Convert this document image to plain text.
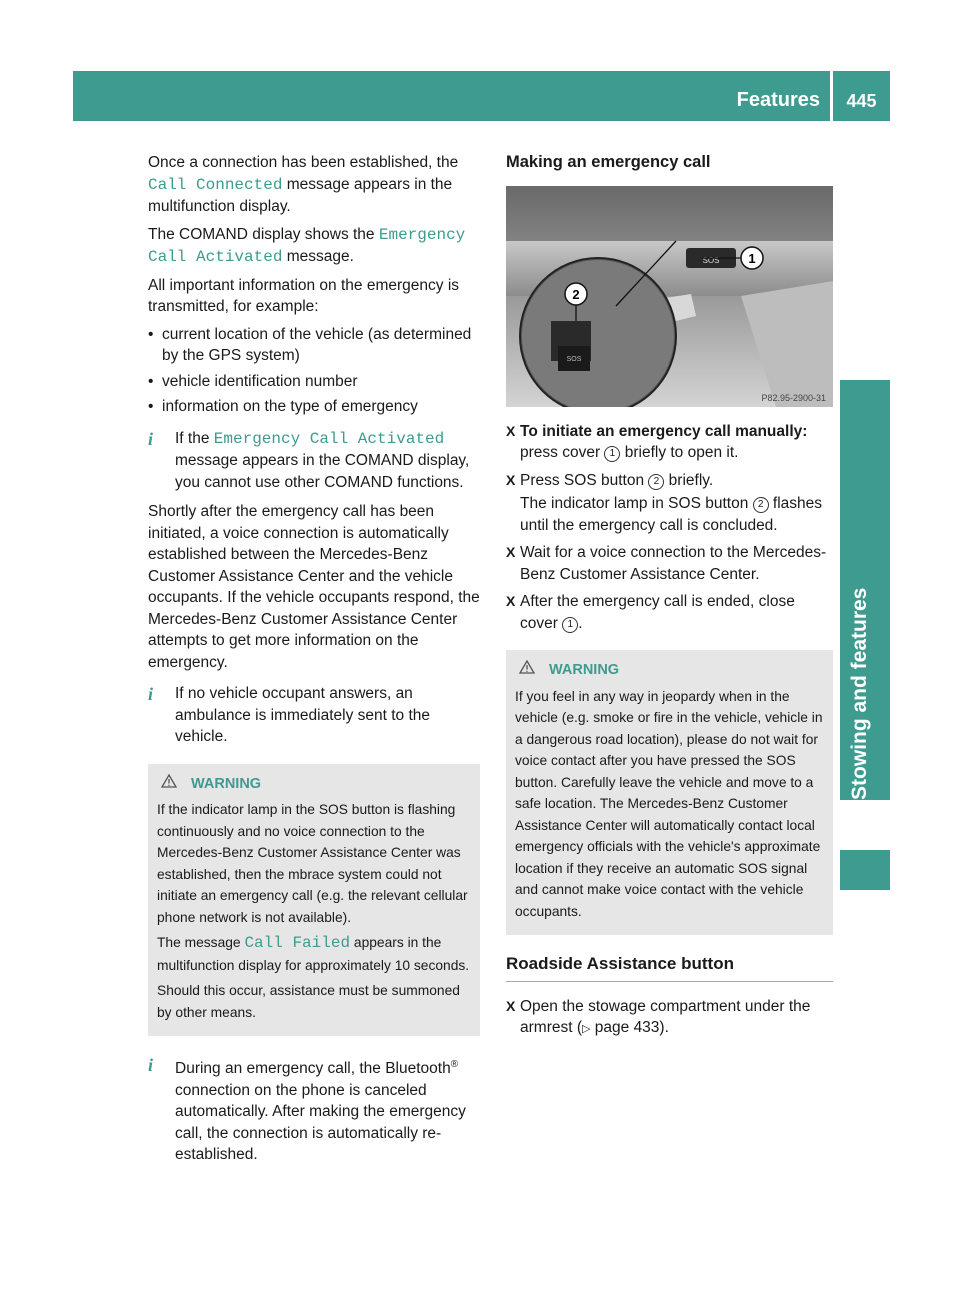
Features	445
Stowing and features

Once a connection has been established, the Call Connected message appears in the multifunction display.

The COMAND display shows the Emergency Call Activated message.

All important information on the emergency is transmitted, for example:

• current location of the vehicle (as determined by the GPS system)
• vehicle identification number
• information on the type of emergency
i If the Emergency Call Activated message appears in the COMAND display, you cannot use other COMAND functions.

Shortly after the emergency call has been initiated, a voice connection is automatically established between the Mercedes-Benz Customer Assistance Center and the vehicle occupants. If the vehicle occupants respond, the Mercedes-Benz Customer Assistance Center attempts to get more information on the emergency.

i If no vehicle occupant answers, an ambulance is immediately sent to the vehicle.
WARNING

If the indicator lamp in the SOS button is flashing continuously and no voice connection to the Mercedes-Benz Customer Assistance Center was established, then the mbrace system could not initiate an emergency call (e.g. the relevant cellular phone network is not available).

The message Call Failed appears in the multifunction display for approximately 10 seconds.

Should this occur, assistance must be summoned by other means.

i During an emergency call, the Bluetooth® connection on the phone is canceled automatically. After making the emergency call, the connection is automatically re-established.
Making an emergency call
SOS
SOS
1
2
P82.95-2900-31
X To initiate an emergency call manually: press cover 1 briefly to open it.
X Press SOS button 2 briefly.

The indicator lamp in SOS button 2 flashes until the emergency call is concluded.

X Wait for a voice connection to the Mercedes-Benz Customer Assistance Center.
X After the emergency call is ended, close cover 1 .
WARNING

If you feel in any way in jeopardy when in the vehicle (e.g. smoke or fire in the vehicle, vehicle in a dangerous road location), please do not wait for voice contact after you have pressed the SOS button. Carefully leave the vehicle and move to a safe location. The Mercedes-Benz Customer Assistance Center will automatically contact local emergency officials with the vehicle's approximate location if they receive an automatic SOS signal and cannot make voice contact with the vehicle occupants.

Roadside Assistance button
X Open the stowage compartment under the armrest (▷ page 433).
